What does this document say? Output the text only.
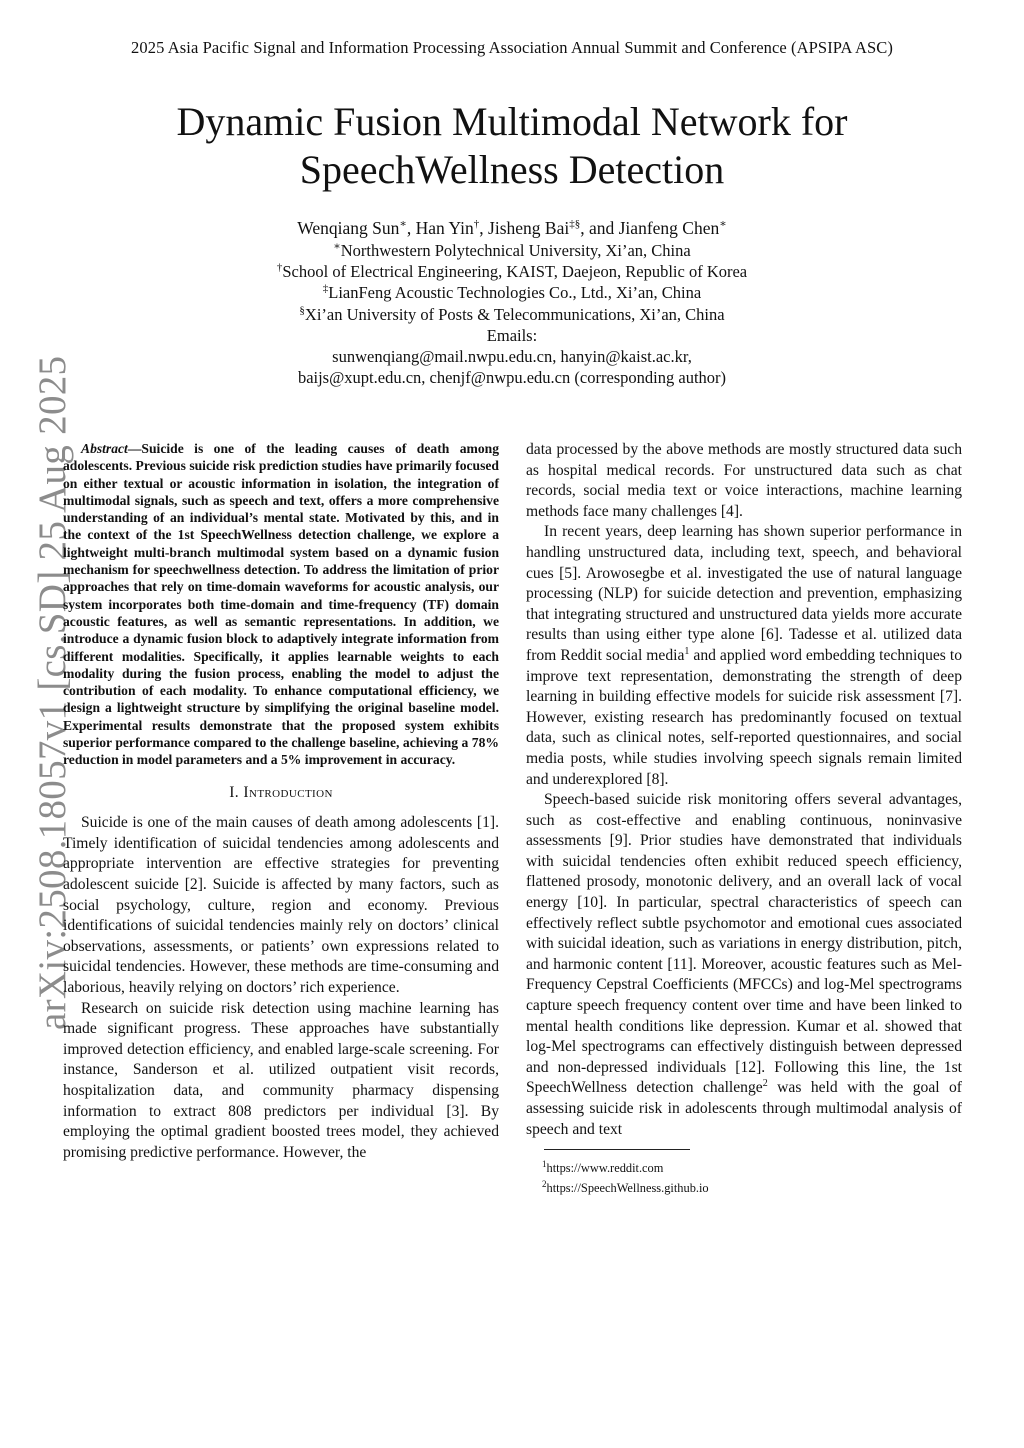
2025 Asia Pacific Signal and Information Processing Association Annual Summit and Conference (APSIPA ASC)
Dynamic Fusion Multimodal Network for
SpeechWellness Detection
Wenqiang Sun∗, Han Yin†, Jisheng Bai‡§, and Jianfeng Chen∗
∗Northwestern Polytechnical University, Xi’an, China
†School of Electrical Engineering, KAIST, Daejeon, Republic of Korea
‡LianFeng Acoustic Technologies Co., Ltd., Xi’an, China
§Xi’an University of Posts & Telecommunications, Xi’an, China
Emails:
sunwenqiang@mail.nwpu.edu.cn, hanyin@kaist.ac.kr,
baijs@xupt.edu.cn, chenjf@nwpu.edu.cn (corresponding author)
arXiv:2508.18057v1 [cs.SD] 25 Aug 2025 Abstract—Suicide is one of the leading causes of death among adolescents. Previous suicide risk prediction studies have primarily focused on either textual or acoustic information in isolation, the integration of multimodal signals, such as speech and text, offers a more comprehensive understanding of an individual’s mental state. Motivated by this, and in the context of the 1st SpeechWellness detection challenge, we explore a lightweight multi-branch multimodal system based on a dynamic fusion mechanism for speechwellness detection. To address the limitation of prior approaches that rely on time-domain waveforms for acoustic analysis, our system incorporates both time-domain and time-frequency (TF) domain acoustic features, as well as semantic representations. In addition, we introduce a dynamic fusion block to adaptively integrate information from different modalities. Specifically, it applies learnable weights to each modality during the fusion process, enabling the model to adjust the contribution of each modality. To enhance computational efficiency, we design a lightweight structure by simplifying the original baseline model. Experimental results demonstrate that the proposed system exhibits superior performance compared to the challenge baseline, achieving a 78% reduction in model parameters and a 5% improvement in accuracy.

I. Introduction

Suicide is one of the main causes of death among adolescents [1]. Timely identification of suicidal tendencies among adolescents and appropriate intervention are effective strategies for preventing adolescent suicide [2]. Suicide is affected by many factors, such as social psychology, culture, region and economy. Previous identifications of suicidal tendencies mainly rely on doctors’ clinical observations, assessments, or patients’ own expressions related to suicidal tendencies. However, these methods are time-consuming and laborious, heavily relying on doctors’ rich experience.

Research on suicide risk detection using machine learning has made significant progress. These approaches have substantially improved detection efficiency, and enabled large-scale screening. For instance, Sanderson et al. utilized outpatient visit records, hospitalization data, and community pharmacy dispensing information to extract 808 predictors per individual [3]. By employing the optimal gradient boosted trees model, they achieved promising predictive performance. However, the

data processed by the above methods are mostly structured data such as hospital medical records. For unstructured data such as chat records, social media text or voice interactions, machine learning methods face many challenges [4].

In recent years, deep learning has shown superior performance in handling unstructured data, including text, speech, and behavioral cues [5]. Arowosegbe et al. investigated the use of natural language processing (NLP) for suicide detection and prevention, emphasizing that integrating structured and unstructured data yields more accurate results than using either type alone [6]. Tadesse et al. utilized data from Reddit social media$^1$ and applied word embedding techniques to improve text representation, demonstrating the strength of deep learning in building effective models for suicide risk assessment [7]. However, existing research has predominantly focused on textual data, such as clinical notes, self-reported questionnaires, and social media posts, while studies involving speech signals remain limited and underexplored [8].

Speech-based suicide risk monitoring offers several advantages, such as cost-effective and enabling continuous, noninvasive assessments [9]. Prior studies have demonstrated that individuals with suicidal tendencies often exhibit reduced speech efficiency, flattened prosody, monotonic delivery, and an overall lack of vocal energy [10]. In particular, spectral characteristics of speech can effectively reflect subtle psychomotor and emotional cues associated with suicidal ideation, such as variations in energy distribution, pitch, and harmonic content [11]. Moreover, acoustic features such as Mel-Frequency Cepstral Coefficients (MFCCs) and log-Mel spectrograms capture speech frequency content over time and have been linked to mental health conditions like depression. Kumar et al. showed that log-Mel spectrograms can effectively distinguish between depressed and non-depressed individuals [12]. Following this line, the 1st SpeechWellness detection challenge$^2$ was held with the goal of assessing suicide risk in adolescents through multimodal analysis of speech and text

$^1$https://www.reddit.com
$^2$https://SpeechWellness.github.io
